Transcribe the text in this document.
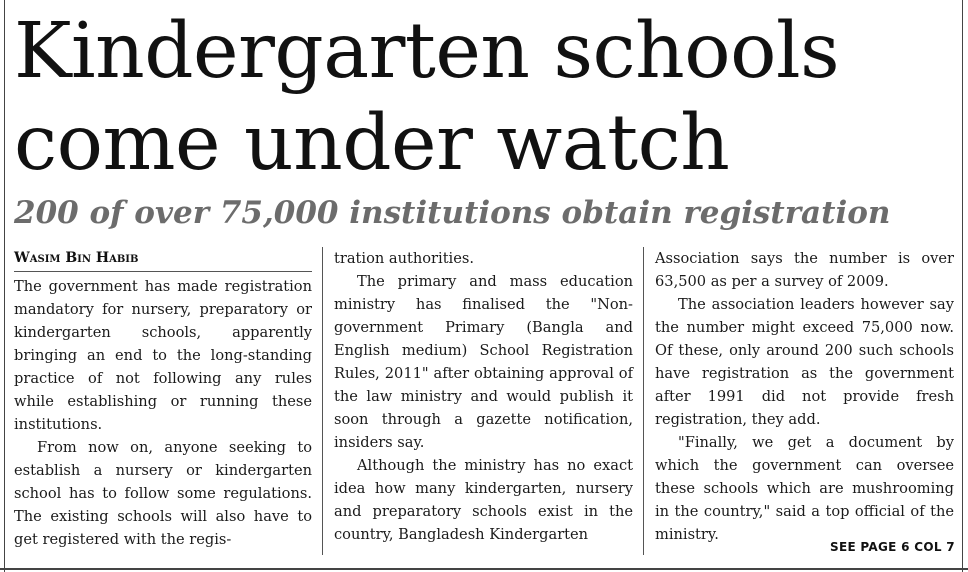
Kindergarten schools
come under watch
200 of over 75,000 institutions obtain registration
Wasim Bin Habib

The government has made registration mandatory for nursery, preparatory or kindergarten schools, apparently bringing an end to the long-standing practice of not following any rules while establishing or running these institutions.

From now on, anyone seeking to establish a nursery or kindergarten school has to follow some regulations. The existing schools will also have to get registered with the regis-

tration authorities.

The primary and mass education ministry has finalised the "Non-government Primary (Bangla and English medium) School Registration Rules, 2011" after obtaining approval of the law ministry and would publish it soon through a gazette notification, insiders say.

Although the ministry has no exact idea how many kindergarten, nursery and preparatory schools exist in the country, Bangladesh Kindergarten

Association says the number is over 63,500 as per a survey of 2009.

The association leaders however say the number might exceed 75,000 now. Of these, only around 200 such schools have registration as the government after 1991 did not provide fresh registration, they add.

"Finally, we get a document by which the government can oversee these schools which are mushrooming in the country," said a top official of the ministry.

SEE PAGE 6 COL 7
